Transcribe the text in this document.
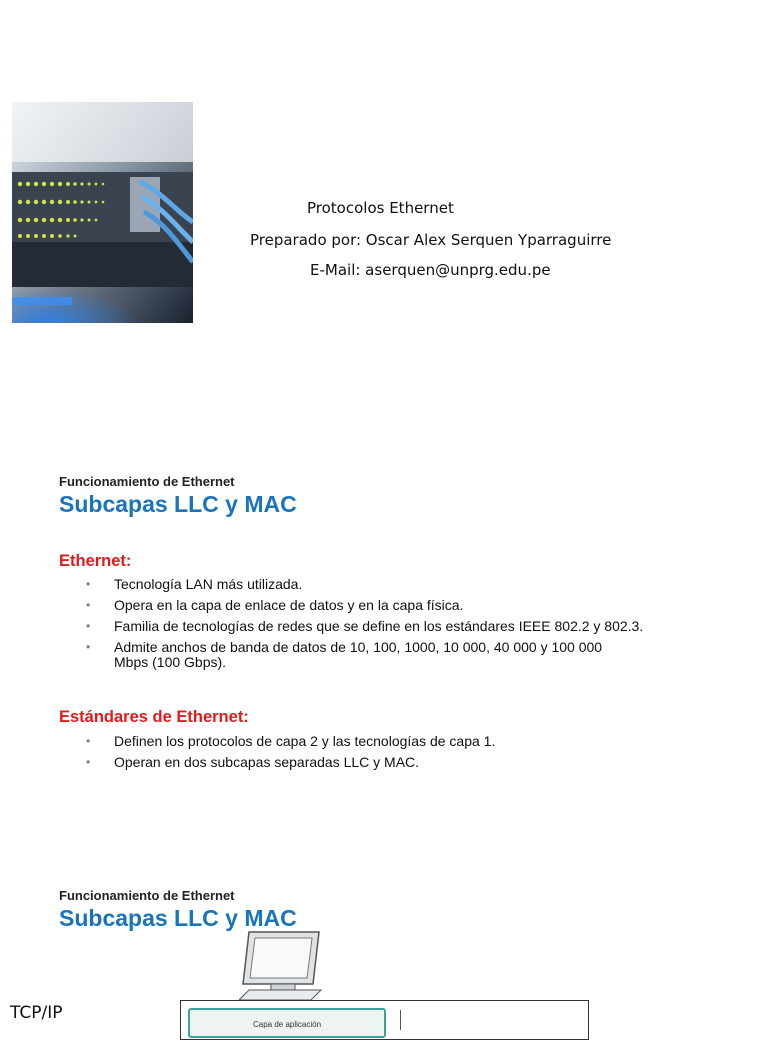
Protocolos Ethernet
Preparado por: Oscar Alex Serquen Yparraguirre
E-Mail: aserquen@unprg.edu.pe
Funcionamiento de Ethernet
Subcapas LLC y MAC
Ethernet:
• Tecnología LAN más utilizada.
• Opera en la capa de enlace de datos y en la capa física.
• Familia de tecnologías de redes que se define en los estándares IEEE 802.2 y 802.3.
• Admite anchos de banda de datos de 10, 100, 1000, 10 000, 40 000 y 100 000 Mbps (100 Gbps).
Estándares de Ethernet:
• Definen los protocolos de capa 2 y las tecnologías de capa 1.
• Operan en dos subcapas separadas LLC y MAC.
Funcionamiento de Ethernet
Subcapas LLC y MAC
TCP/IP
Capa de aplicación
